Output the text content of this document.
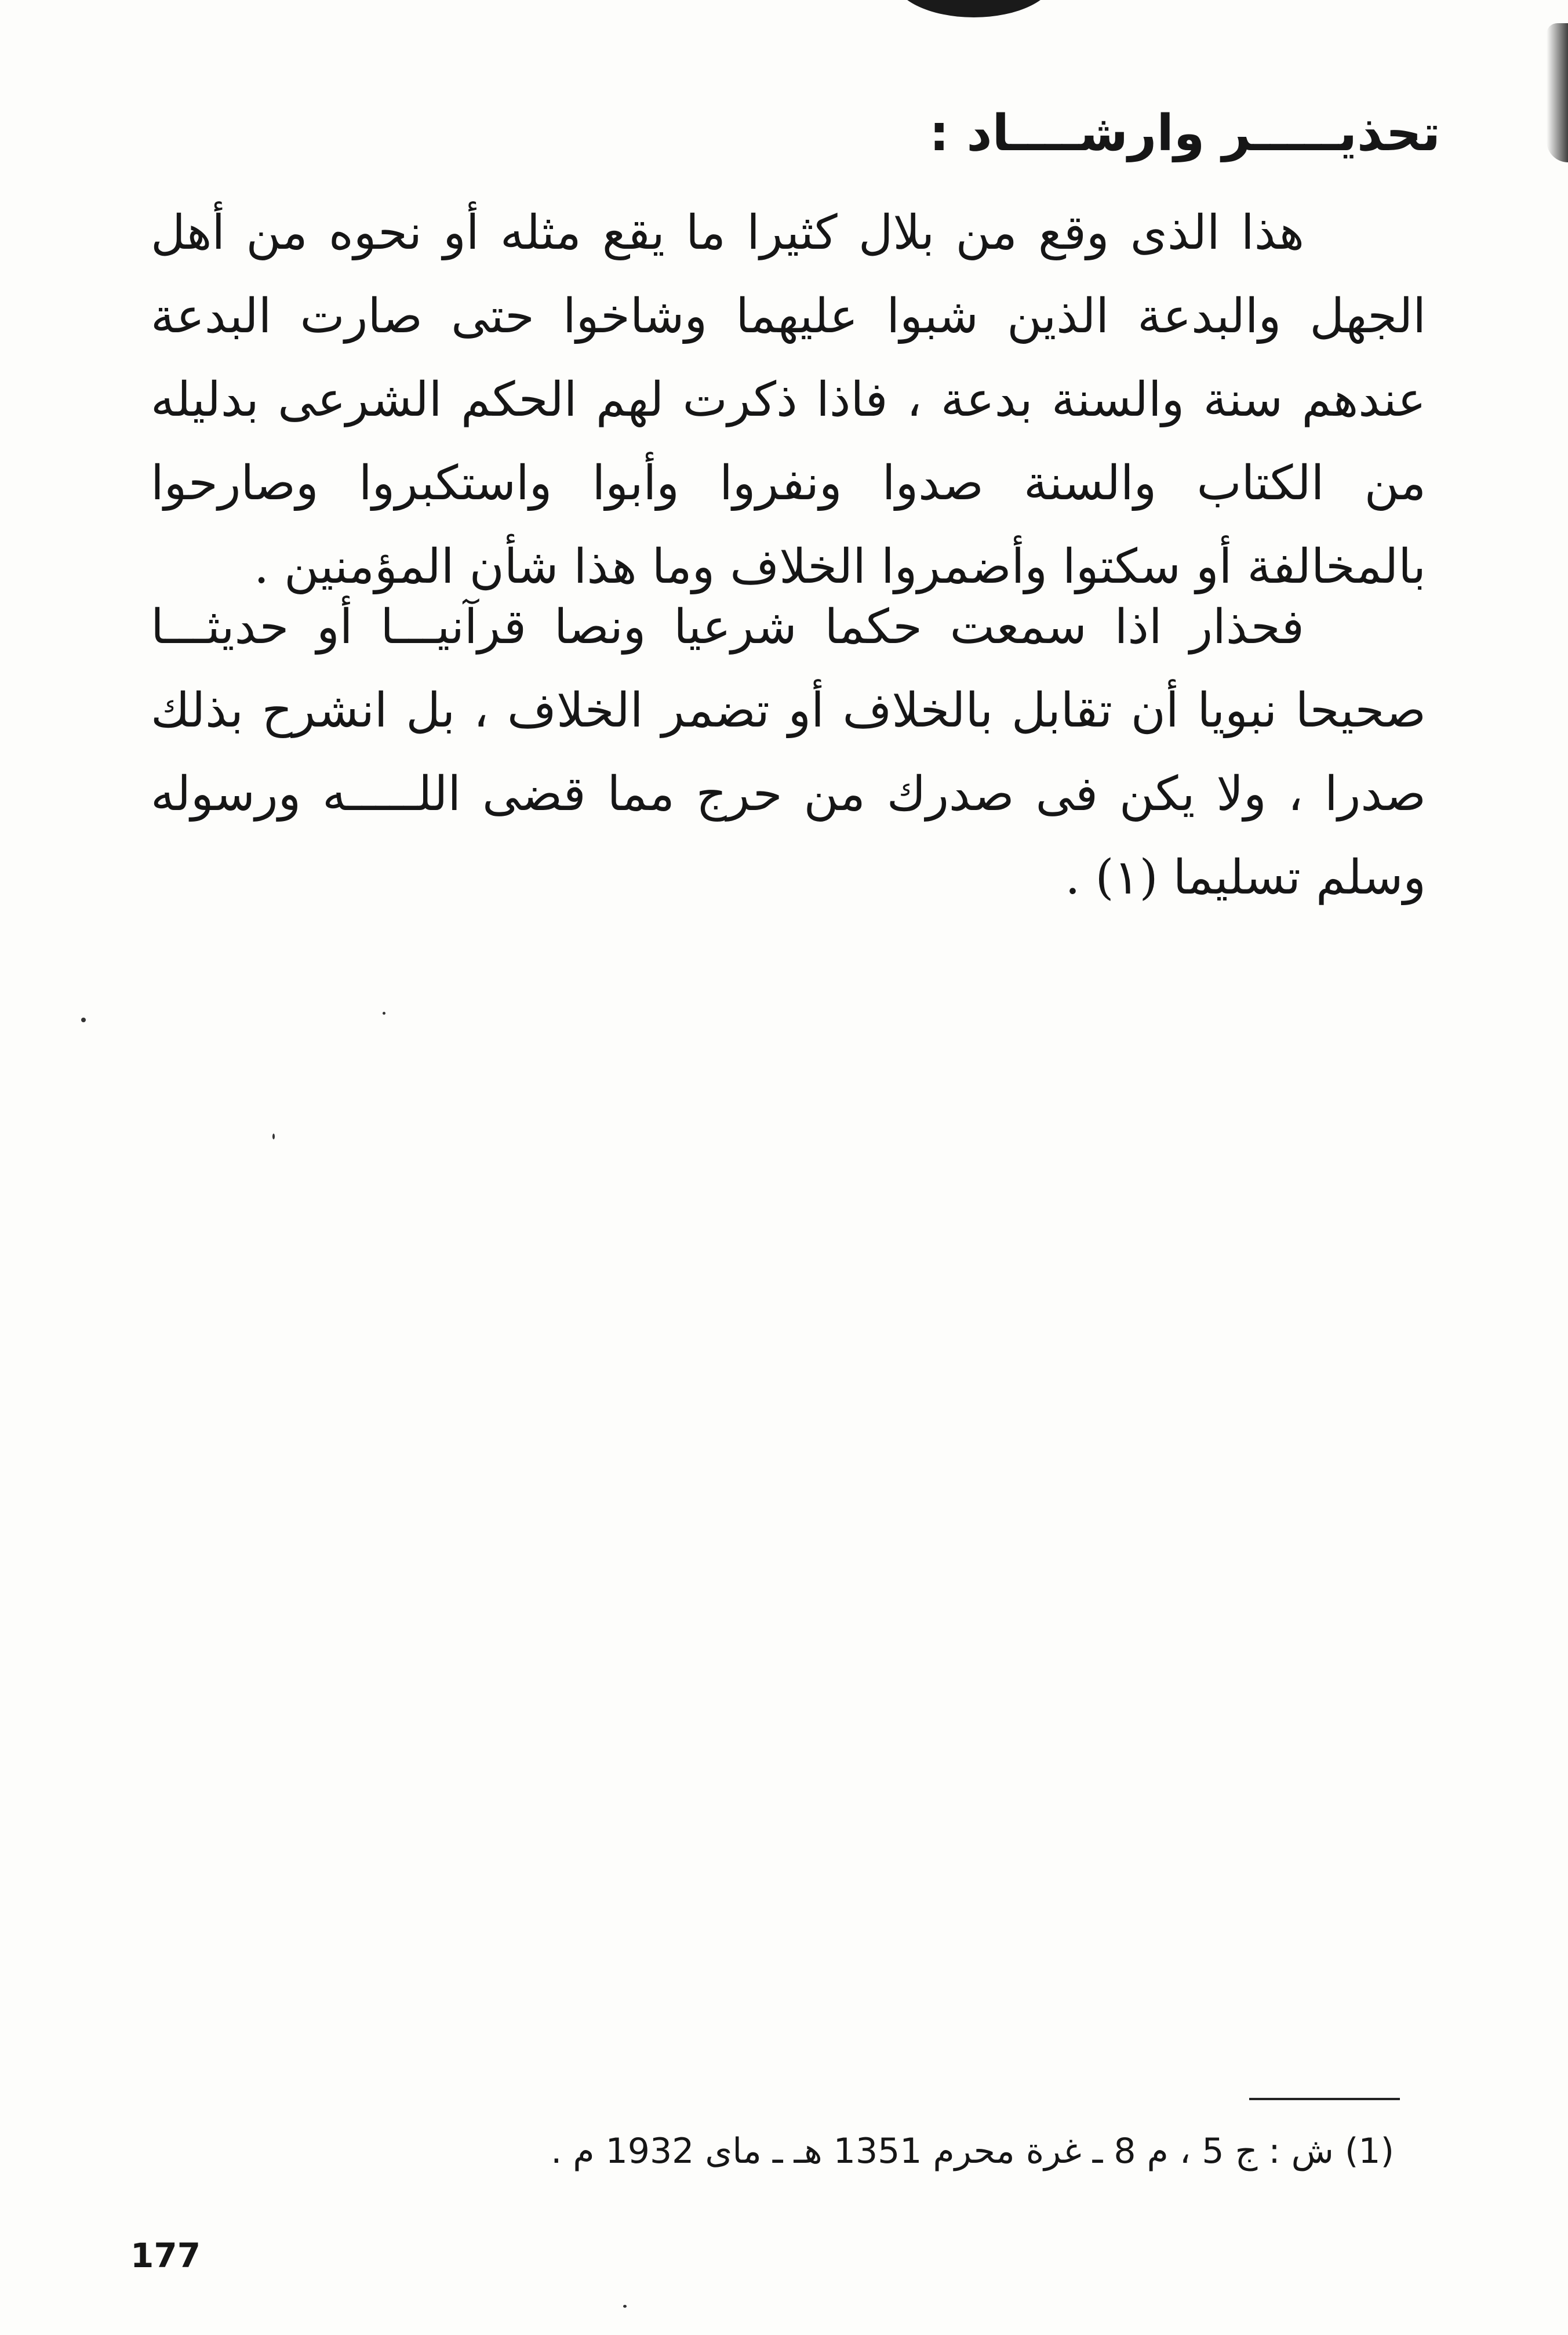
تحذيـــــر وارشــــاد :

هذا الذى وقع من بلال كثيرا ما يقع مثله أو نحوه من أهل الجهل والبدعة الذين شبوا عليهما وشاخوا حتى صارت البدعة عندهم سنة والسنة بدعة ، فاذا ذكرت لهم الحكم الشرعى بدليله من الكتاب والسنة صدوا ونفروا وأبوا واستكبروا وصارحوا بالمخالفة أو سكتوا وأضمروا الخلاف وما هذا شأن المؤمنين .

فحذار اذا سمعت حكما شرعيا ونصا قرآنيـــا أو حديثـــا صحيحا نبويا أن تقابل بالخلاف أو تضمر الخلاف ، بل انشرح بذلك صدرا ، ولا يكن فى صدرك من حرج مما قضى اللـــــه ورسوله وسلم تسليما (١) .

(1) ش : ج 5 ، م 8 ـ غرة محرم 1351 هـ ـ ماى 1932 م .
177
